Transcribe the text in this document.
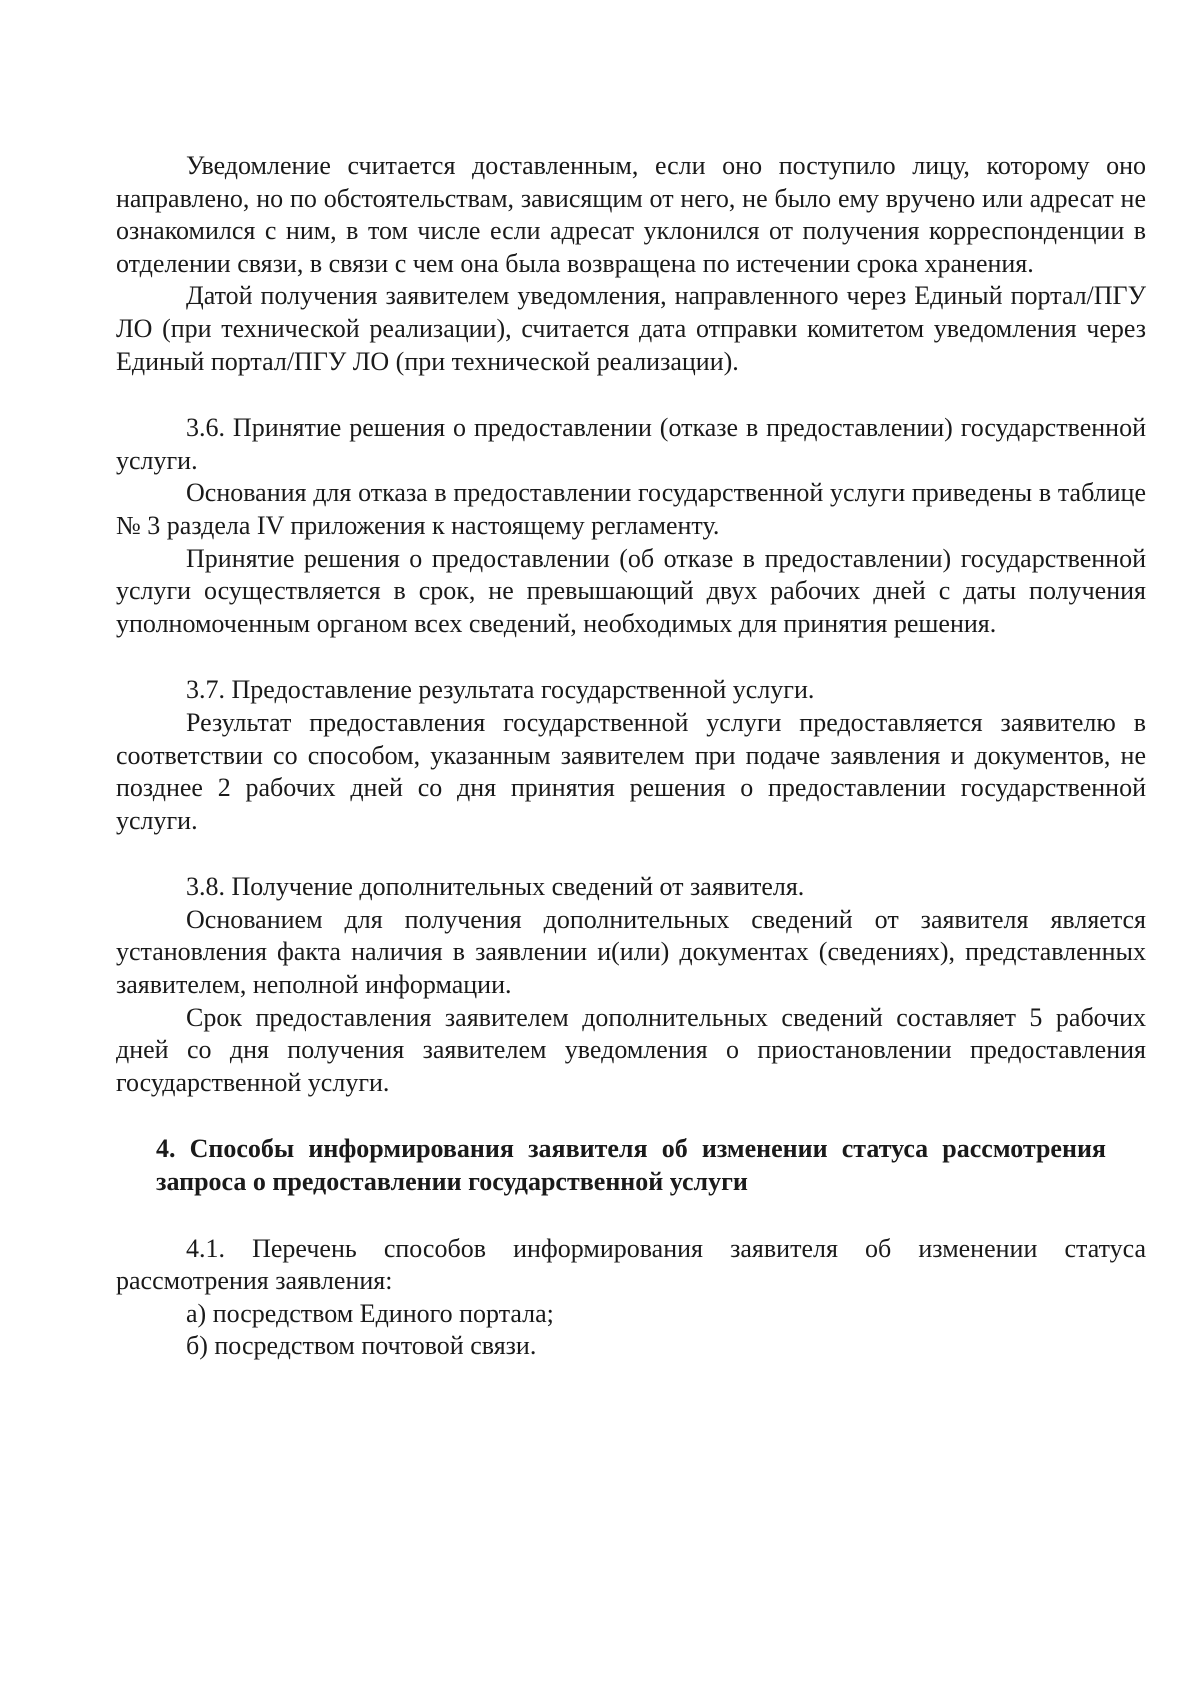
Уведомление считается доставленным, если оно поступило лицу, которому оно направлено, но по обстоятельствам, зависящим от него, не было ему вручено или адресат не ознакомился с ним, в том числе если адресат уклонился от получения корреспонденции в отделении связи, в связи с чем она была возвращена по истечении срока хранения.

Датой получения заявителем уведомления, направленного через Единый портал/ПГУ ЛО (при технической реализации), считается дата отправки комитетом уведомления через Единый портал/ПГУ ЛО (при технической реализации).

3.6. Принятие решения о предоставлении (отказе в предоставлении) государственной услуги.

Основания для отказа в предоставлении государственной услуги приведены в таблице № 3 раздела IV приложения к настоящему регламенту.

Принятие решения о предоставлении (об отказе в предоставлении) государственной услуги осуществляется в срок, не превышающий двух рабочих дней с даты получения уполномоченным органом всех сведений, необходимых для принятия решения.

3.7. Предоставление результата государственной услуги.

Результат предоставления государственной услуги предоставляется заявителю в соответствии со способом, указанным заявителем при подаче заявления и документов, не позднее 2 рабочих дней со дня принятия решения о предоставлении государственной услуги.

3.8. Получение дополнительных сведений от заявителя.

Основанием для получения дополнительных сведений от заявителя является установления факта наличия в заявлении и(или) документах (сведениях), представленных заявителем, неполной информации.

Срок предоставления заявителем дополнительных сведений составляет 5 рабочих дней со дня получения заявителем уведомления о приостановлении предоставления государственной услуги.

4. Способы информирования заявителя об изменении статуса рассмотрения запроса о предоставлении государственной услуги

4.1. Перечень способов информирования заявителя об изменении статуса рассмотрения заявления:

а) посредством Единого портала;

б) посредством почтовой связи.
